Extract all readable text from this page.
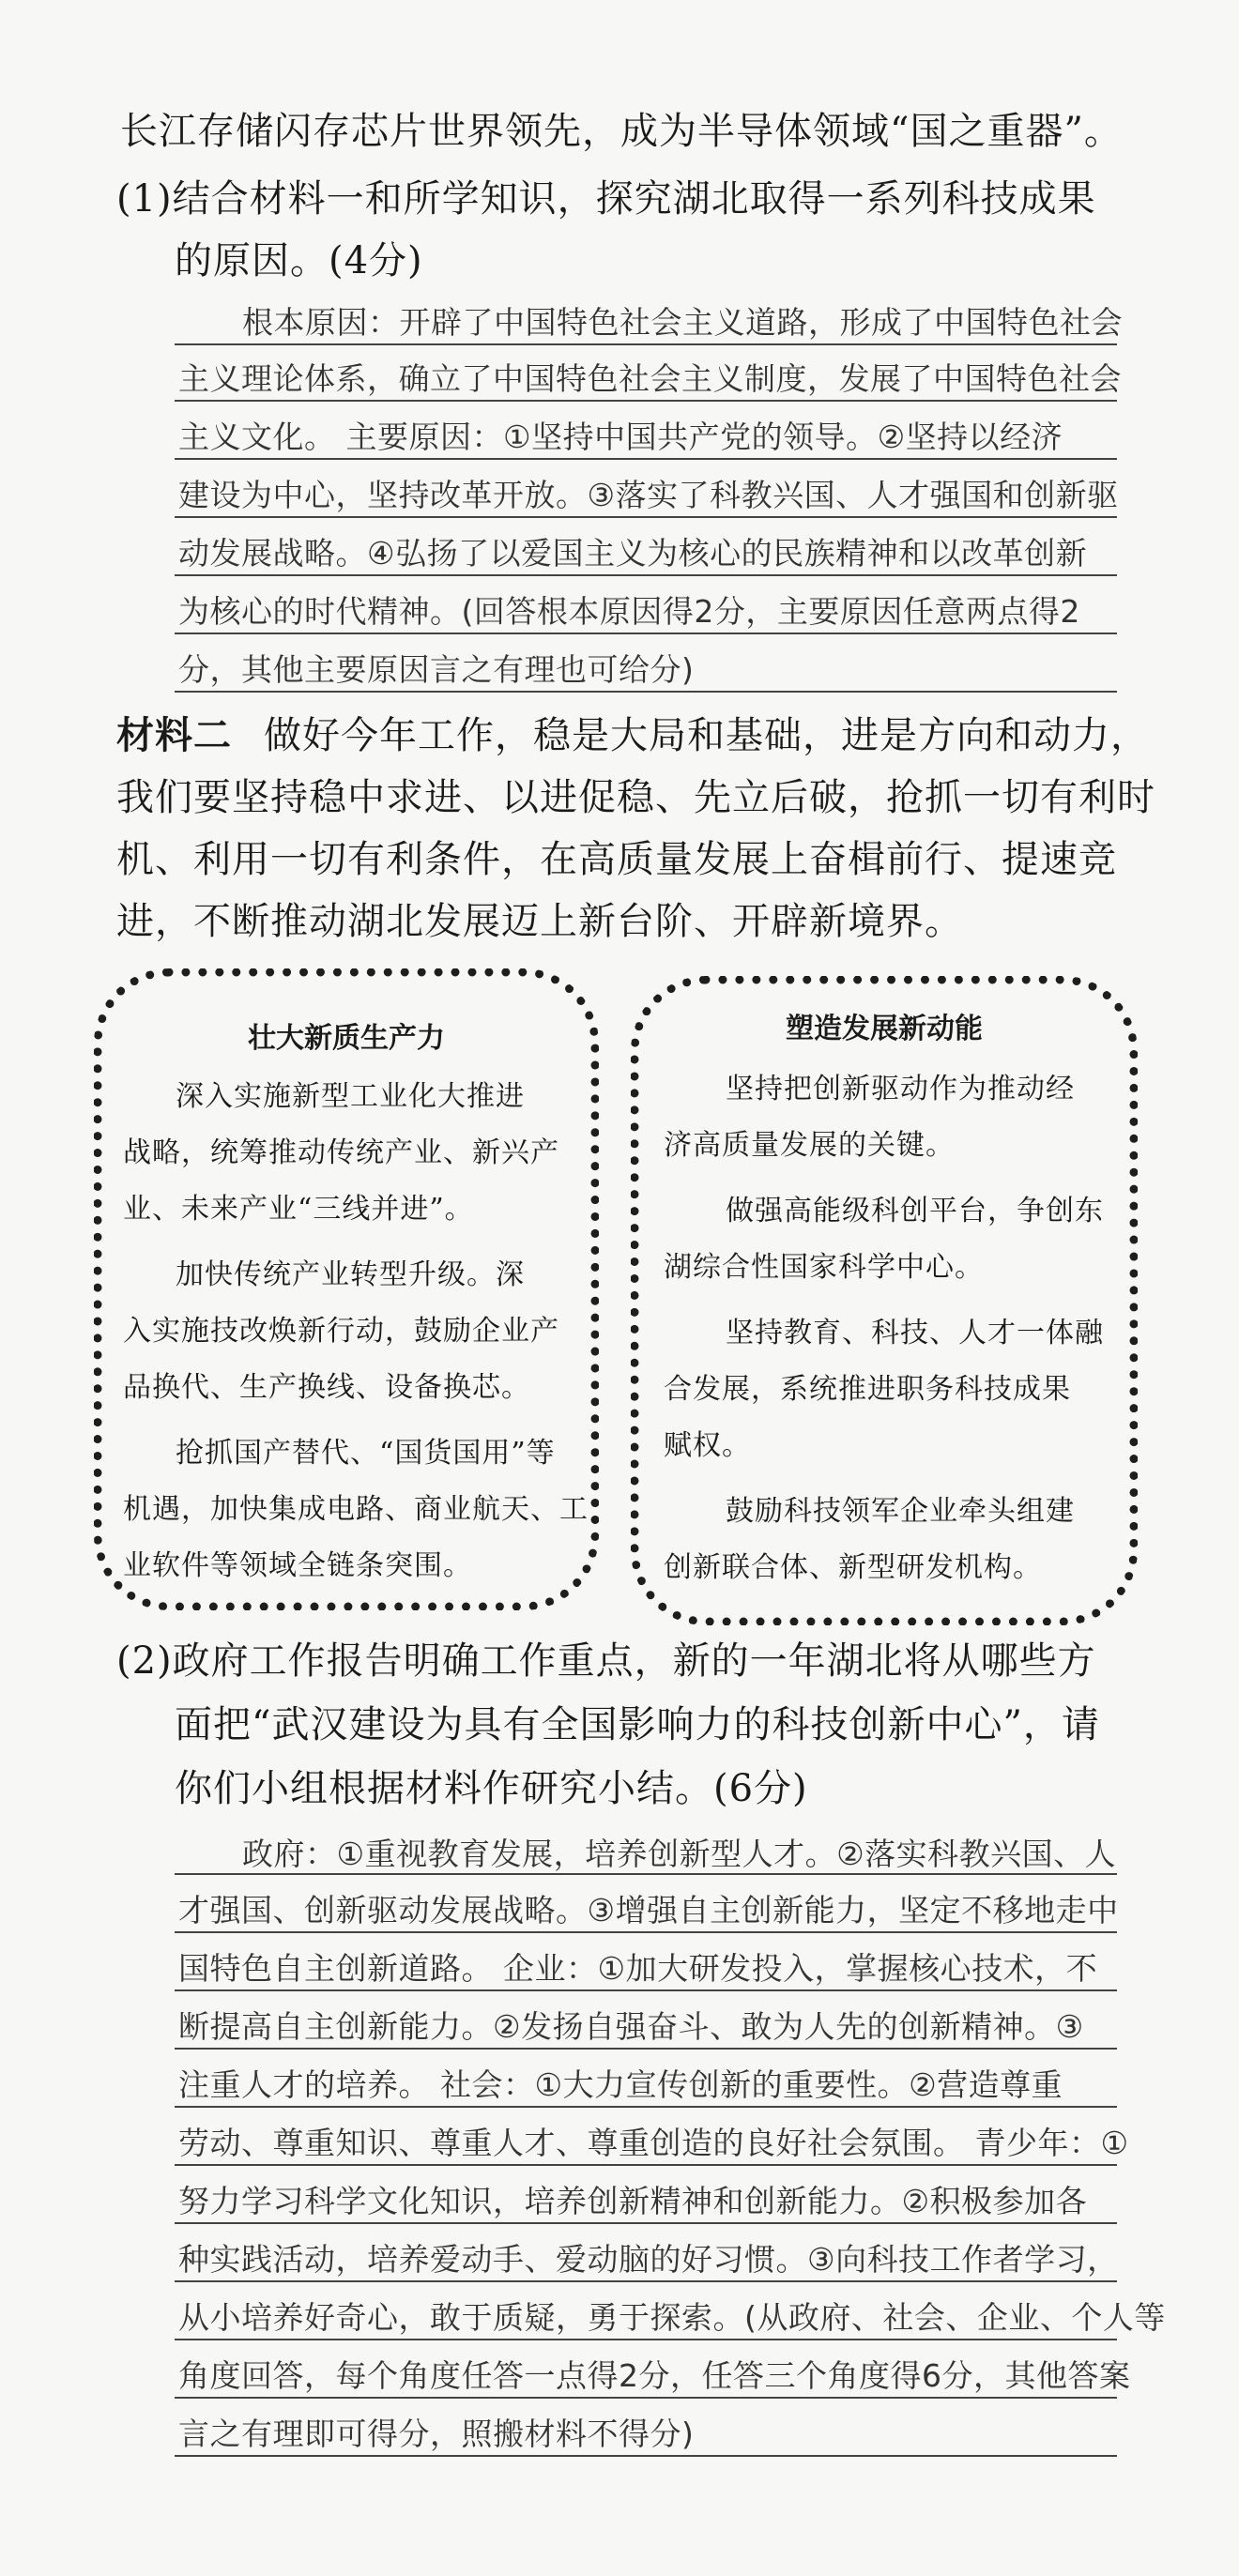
长江存储闪存芯片世界领先，成为半导体领域“国之重器”。
(1)结合材料一和所学知识，探究湖北取得一系列科技成果
的原因。(4分)
根本原因：开辟了中国特色社会主义道路，形成了中国特色社会
主义理论体系，确立了中国特色社会主义制度，发展了中国特色社会
主义文化。 主要原因：①坚持中国共产党的领导。②坚持以经济
建设为中心，坚持改革开放。③落实了科教兴国、人才强国和创新驱
动发展战略。④弘扬了以爱国主义为核心的民族精神和以改革创新
为核心的时代精神。(回答根本原因得2分，主要原因任意两点得2
分，其他主要原因言之有理也可给分)
材料二 做好今年工作，稳是大局和基础，进是方向和动力，
我们要坚持稳中求进、以进促稳、先立后破，抢抓一切有利时
机、利用一切有利条件，在高质量发展上奋楫前行、提速竞
进，不断推动湖北发展迈上新台阶、开辟新境界。
壮大新质生产力
深入实施新型工业化大推进
战略，统筹推动传统产业、新兴产
业、未来产业“三线并进”。
加快传统产业转型升级。深
入实施技改焕新行动，鼓励企业产
品换代、生产换线、设备换芯。
抢抓国产替代、“国货国用”等
机遇，加快集成电路、商业航天、工
业软件等领域全链条突围。
塑造发展新动能
坚持把创新驱动作为推动经
济高质量发展的关键。
做强高能级科创平台，争创东
湖综合性国家科学中心。
坚持教育、科技、人才一体融
合发展，系统推进职务科技成果
赋权。
鼓励科技领军企业牵头组建
创新联合体、新型研发机构。
(2)政府工作报告明确工作重点，新的一年湖北将从哪些方
面把“武汉建设为具有全国影响力的科技创新中心”，请
你们小组根据材料作研究小结。(6分)
政府：①重视教育发展，培养创新型人才。②落实科教兴国、人
才强国、创新驱动发展战略。③增强自主创新能力，坚定不移地走中
国特色自主创新道路。 企业：①加大研发投入，掌握核心技术，不
断提高自主创新能力。②发扬自强奋斗、敢为人先的创新精神。③
注重人才的培养。 社会：①大力宣传创新的重要性。②营造尊重
劳动、尊重知识、尊重人才、尊重创造的良好社会氛围。 青少年：①
努力学习科学文化知识，培养创新精神和创新能力。②积极参加各
种实践活动，培养爱动手、爱动脑的好习惯。③向科技工作者学习，
从小培养好奇心，敢于质疑，勇于探索。(从政府、社会、企业、个人等
角度回答，每个角度任答一点得2分，任答三个角度得6分，其他答案
言之有理即可得分，照搬材料不得分)
